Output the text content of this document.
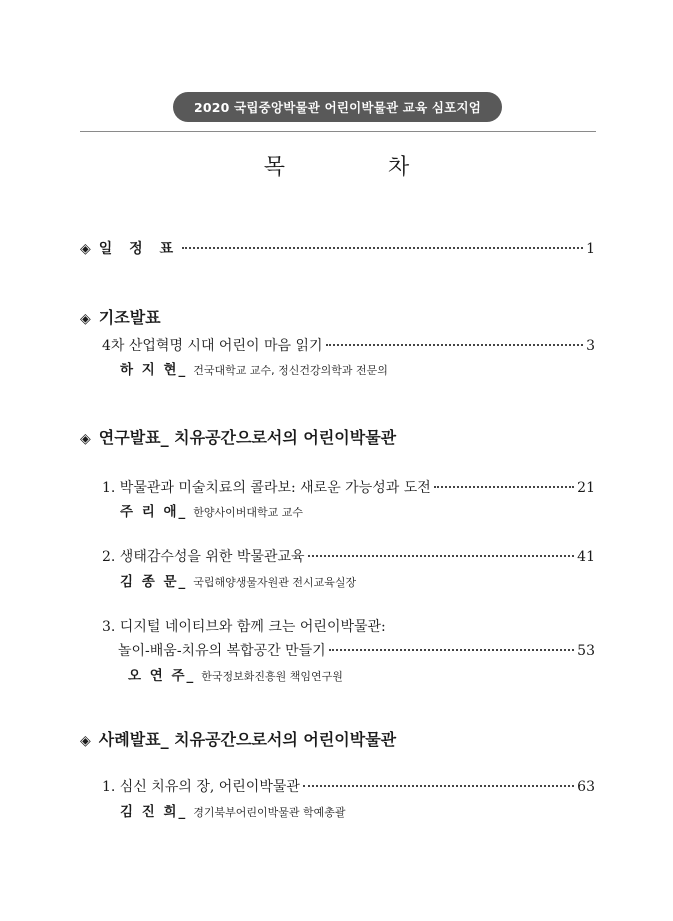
2020 국립중앙박물관 어린이박물관 교육 심포지엄
목 차
◈ 일 정 표	1
◈ 기조발표
4차 산업혁명 시대 어린이 마음 읽기	3
하 지 현_ 건국대학교 교수, 정신건강의학과 전문의
◈ 연구발표_ 치유공간으로서의 어린이박물관
1. 박물관과 미술치료의 콜라보: 새로운 가능성과 도전	21
주 리 애_ 한양사이버대학교 교수
2. 생태감수성을 위한 박물관교육	41
김 종 문_ 국립해양생물자원관 전시교육실장
3. 디지털 네이티브와 함께 크는 어린이박물관:
놀이-배움-치유의 복합공간 만들기	53
오 연 주_ 한국정보화진흥원 책임연구원
◈ 사례발표_ 치유공간으로서의 어린이박물관
1. 심신 치유의 장, 어린이박물관	63
김 진 희_ 경기북부어린이박물관 학예총괄
